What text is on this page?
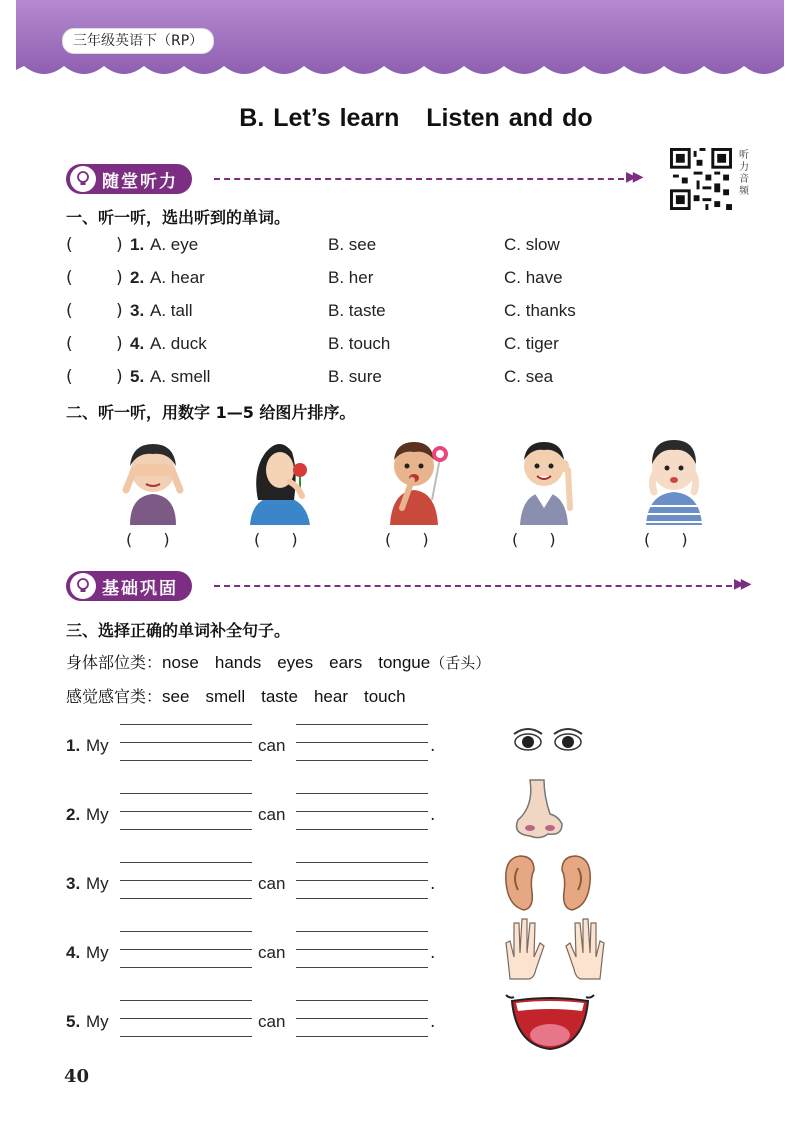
三年级英语下（RP）
B. Let’s learn   Listen and do
随堂听力	▶▶
听
力
音
频
一、听一听，选出听到的单词。
(	) 1. A. eye	B. see	C. slow
(	) 2. A. hear	B. her	C. have
(	) 3. A. tall	B. taste	C. thanks
(	) 4. A. duck	B. touch	C. tiger
(	) 5. A. smell	B. sure	C. sea
二、听一听，用数字 1—5 给图片排序。
( )	( )	( )	( )	( )
基础巩固	▶▶
三、选择正确的单词补全句子。
身体部位类：nose hands eyes ears tongue（舌头）
感觉感官类：see smell taste hear touch
1. My	can	.
2. My	can	.
3. My	can	.
4. My	can	.
5. My	can	.
40
